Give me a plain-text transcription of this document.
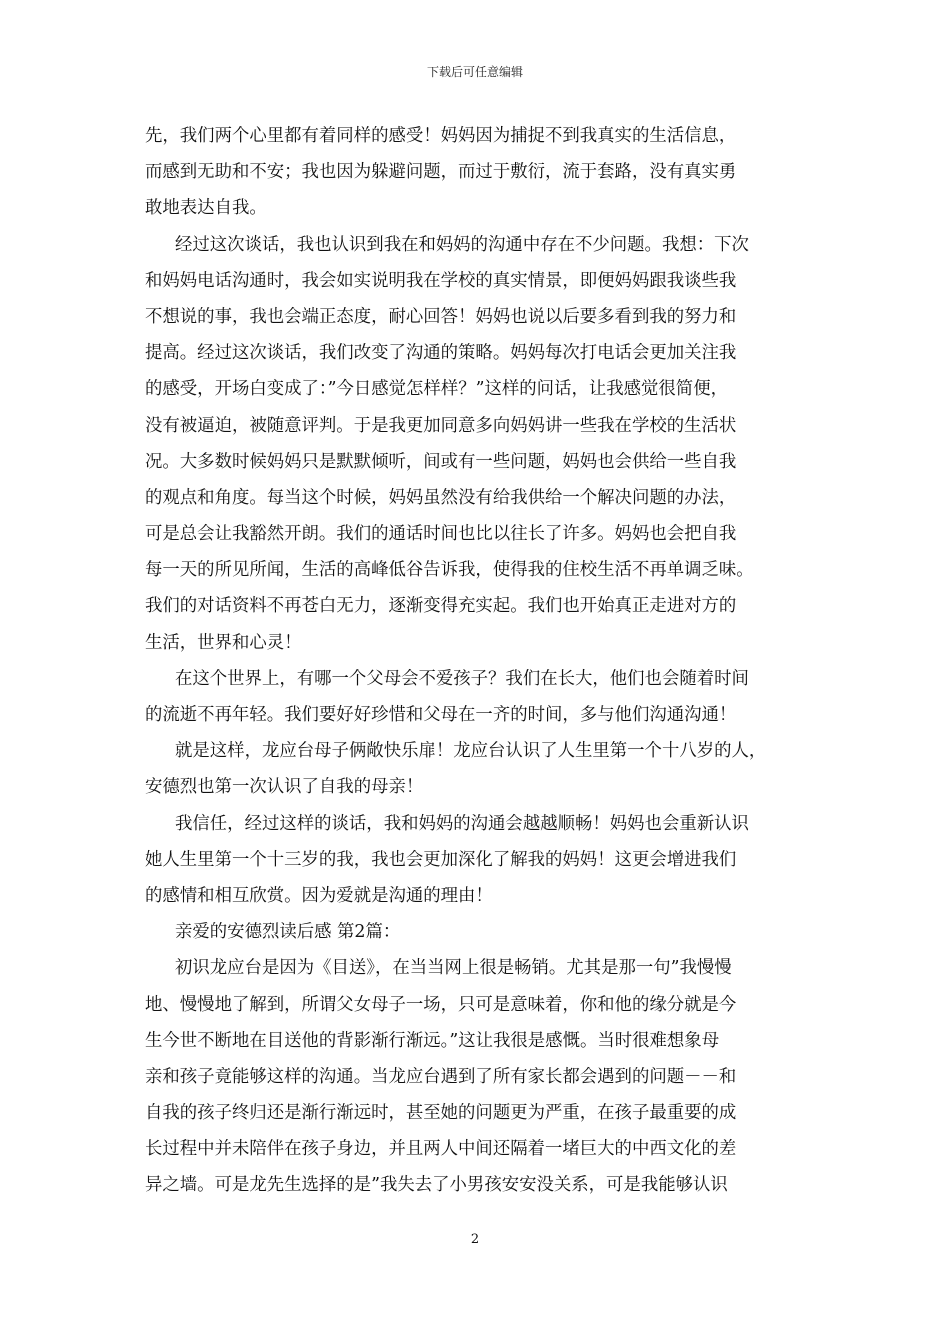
下载后可任意编辑
先，我们两个心里都有着同样的感受！妈妈因为捕捉不到我真实的生活信息，
而感到无助和不安；我也因为躲避问题，而过于敷衍，流于套路，没有真实勇
敢地表达自我。
经过这次谈话，我也认识到我在和妈妈的沟通中存在不少问题。我想：下次
和妈妈电话沟通时，我会如实说明我在学校的真实情景，即便妈妈跟我谈些我
不想说的事，我也会端正态度，耐心回答！妈妈也说以后要多看到我的努力和
提高。经过这次谈话，我们改变了沟通的策略。妈妈每次打电话会更加关注我
的感受，开场白变成了：”今日感觉怎样样？”这样的问话，让我感觉很简便，
没有被逼迫，被随意评判。于是我更加同意多向妈妈讲一些我在学校的生活状
况。大多数时候妈妈只是默默倾听，间或有一些问题，妈妈也会供给一些自我
的观点和角度。每当这个时候，妈妈虽然没有给我供给一个解决问题的办法，
可是总会让我豁然开朗。我们的通话时间也比以往长了许多。妈妈也会把自我
每一天的所见所闻，生活的高峰低谷告诉我，使得我的住校生活不再单调乏味。
我们的对话资料不再苍白无力，逐渐变得充实起。我们也开始真正走进对方的
生活，世界和心灵！
在这个世界上，有哪一个父母会不爱孩子？我们在长大，他们也会随着时间
的流逝不再年轻。我们要好好珍惜和父母在一齐的时间，多与他们沟通沟通！
就是这样，龙应台母子俩敞快乐扉！龙应台认识了人生里第一个十八岁的人，
安德烈也第一次认识了自我的母亲！
我信任，经过这样的谈话，我和妈妈的沟通会越越顺畅！妈妈也会重新认识
她人生里第一个十三岁的我，我也会更加深化了解我的妈妈！这更会增进我们
的感情和相互欣赏。因为爱就是沟通的理由！
亲爱的安德烈读后感 第2篇：
初识龙应台是因为《目送》，在当当网上很是畅销。尤其是那一句”我慢慢
地、慢慢地了解到，所谓父女母子一场，只可是意味着，你和他的缘分就是今
生今世不断地在目送他的背影渐行渐远。”这让我很是感慨。当时很难想象母
亲和孩子竟能够这样的沟通。当龙应台遇到了所有家长都会遇到的问题－－和
自我的孩子终归还是渐行渐远时，甚至她的问题更为严重，在孩子最重要的成
长过程中并未陪伴在孩子身边，并且两人中间还隔着一堵巨大的中西文化的差
异之墙。可是龙先生选择的是”我失去了小男孩安安没关系，可是我能够认识
2
